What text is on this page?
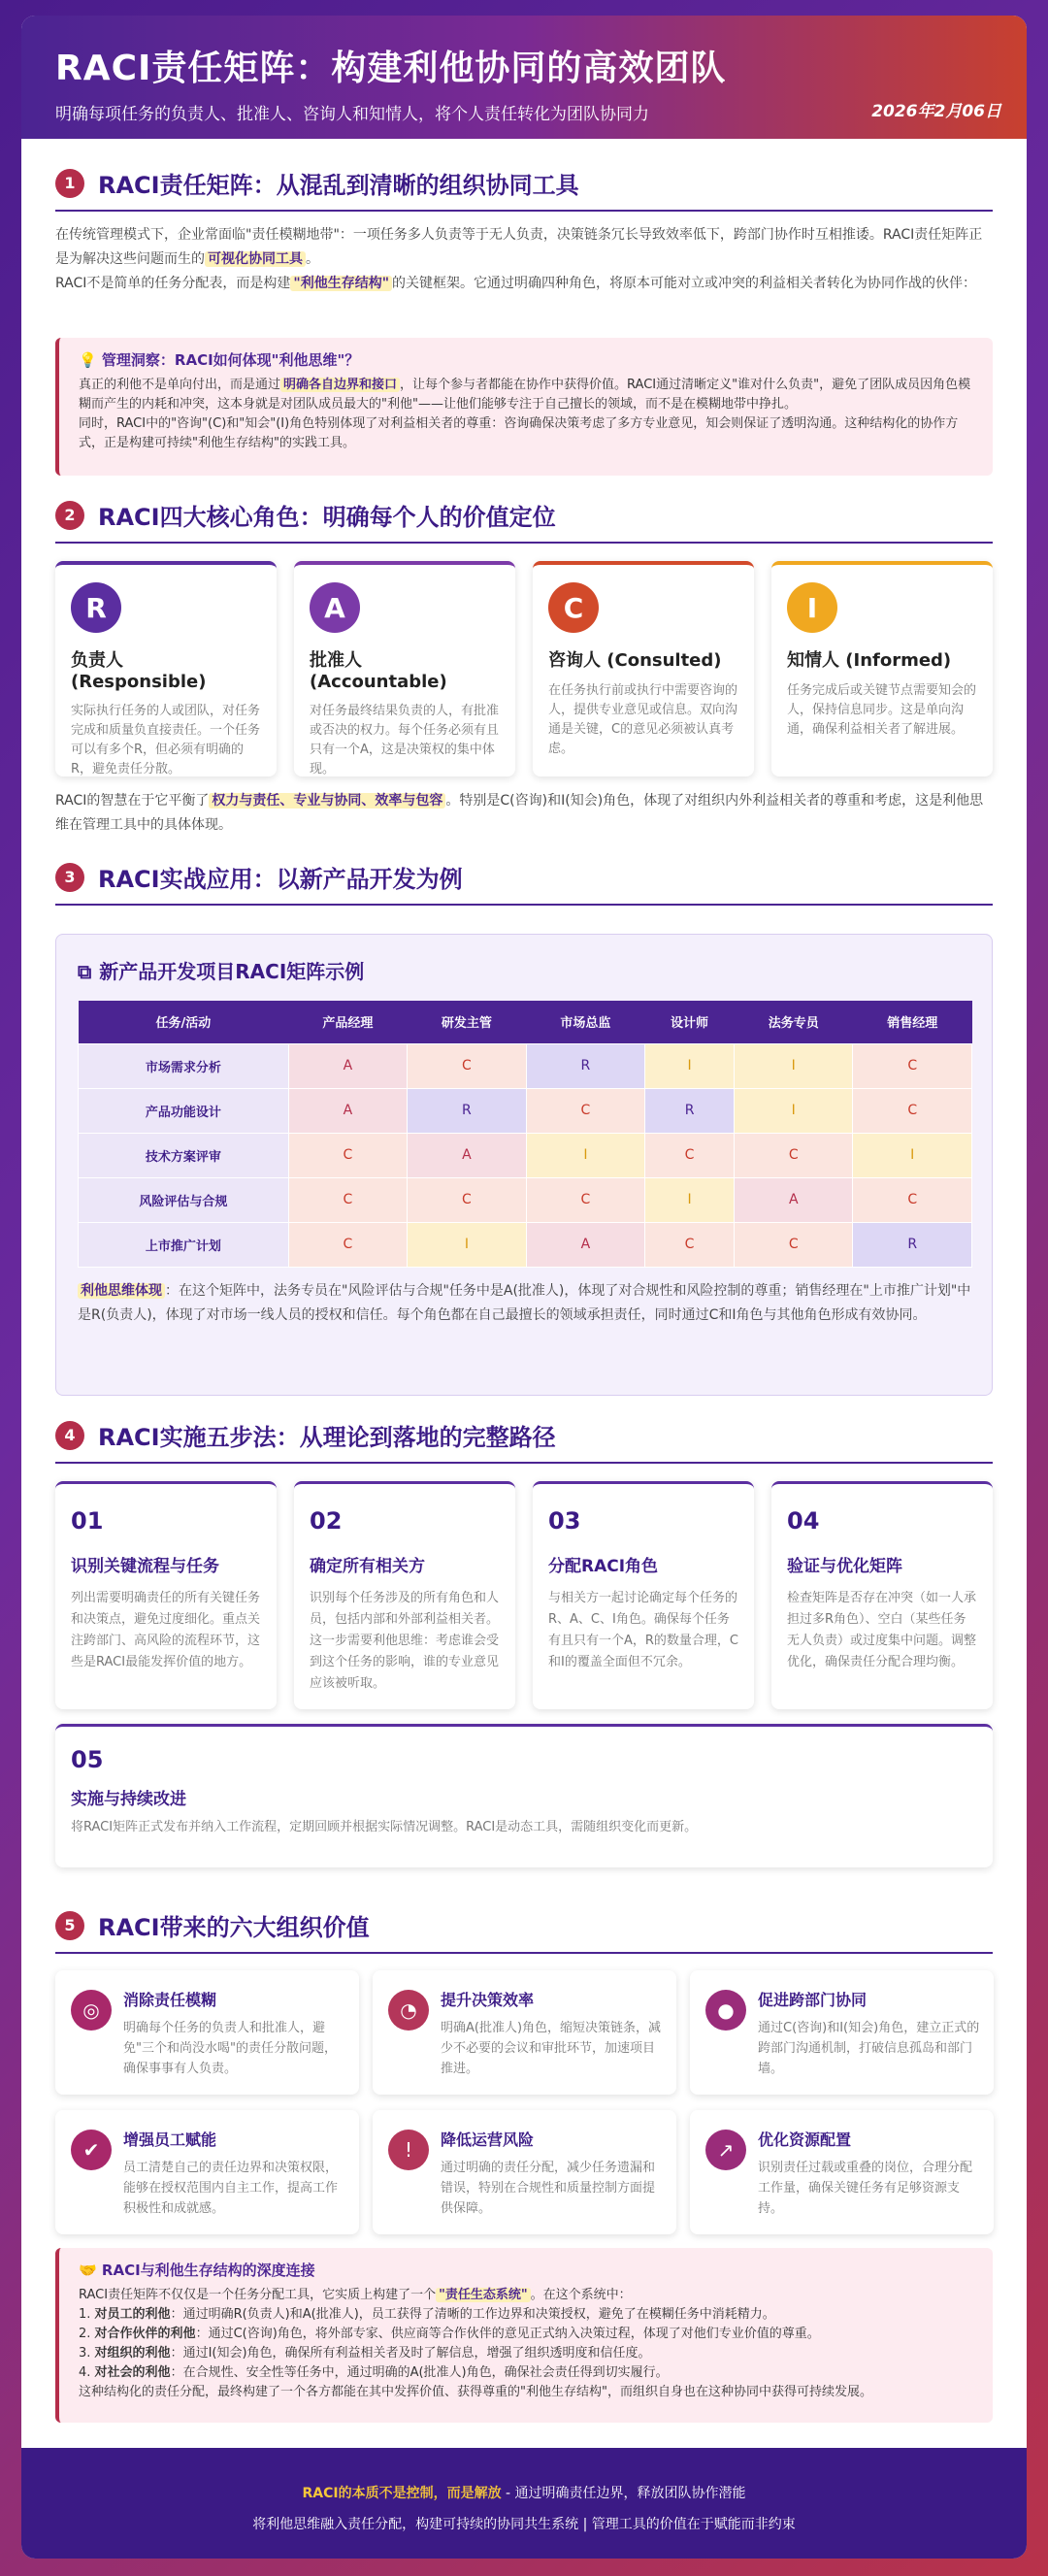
RACI责任矩阵：构建利他协同的高效团队
明确每项任务的负责人、批准人、咨询人和知情人，将个人责任转化为团队协同力	2026年2月06日
1 RACI责任矩阵：从混乱到清晰的组织协同工具
在传统管理模式下，企业常面临"责任模糊地带"：一项任务多人负责等于无人负责，决策链条冗长导致效率低下，跨部门协作时互相推诿。RACI责任矩阵正是为解决这些问题而生的 可视化协同工具 。
RACI不是简单的任务分配表，而是构建 "利他生存结构" 的关键框架。它通过明确四种角色，将原本可能对立或冲突的利益相关者转化为协同作战的伙伴：
💡 管理洞察：RACI如何体现"利他思维"？

真正的利他不是单向付出，而是通过 明确各自边界和接口 ，让每个参与者都能在协作中获得价值。RACI通过清晰定义"谁对什么负责"，避免了团队成员因角色模糊而产生的内耗和冲突，这本身就是对团队成员最大的"利他"——让他们能够专注于自己擅长的领域，而不是在模糊地带中挣扎。
同时，RACI中的"咨询"(C)和"知会"(I)角色特别体现了对利益相关者的尊重：咨询确保决策考虑了多方专业意见，知会则保证了透明沟通。这种结构化的协作方式，正是构建可持续"利他生存结构"的实践工具。

2 RACI四大核心角色：明确每个人的价值定位
R
负责人 (Responsible)

实际执行任务的人或团队，对任务完成和质量负直接责任。一个任务可以有多个R，但必须有明确的R，避免责任分散。

A
批准人 (Accountable)

对任务最终结果负责的人，有批准或否决的权力。每个任务必须有且只有一个A，这是决策权的集中体现。

C
咨询人 (Consulted)

在任务执行前或执行中需要咨询的人，提供专业意见或信息。双向沟通是关键，C的意见必须被认真考虑。

I
知情人 (Informed)

任务完成后或关键节点需要知会的人，保持信息同步。这是单向沟通，确保利益相关者了解进展。

RACI的智慧在于它平衡了 权力与责任、专业与协同、效率与包容 。特别是C(咨询)和I(知会)角色，体现了对组织内外利益相关者的尊重和考虑，这是利他思维在管理工具中的具体体现。
3 RACI实战应用：以新产品开发为例
⧉ 新产品开发项目RACI矩阵示例
任务/活动	产品经理	研发主管	市场总监	设计师	法务专员	销售经理
市场需求分析	A	C	R	I	I	C
产品功能设计	A	R	C	R	I	C
技术方案评审	C	A	I	C	C	I
风险评估与合规	C	C	C	I	A	C
上市推广计划	C	I	A	C	C	R
利他思维体现 ：在这个矩阵中，法务专员在"风险评估与合规"任务中是A(批准人)，体现了对合规性和风险控制的尊重；销售经理在"上市推广计划"中是R(负责人)，体现了对市场一线人员的授权和信任。每个角色都在自己最擅长的领域承担责任，同时通过C和I角色与其他角色形成有效协同。
4 RACI实施五步法：从理论到落地的完整路径
01
识别关键流程与任务

列出需要明确责任的所有关键任务和决策点，避免过度细化。重点关注跨部门、高风险的流程环节，这些是RACI最能发挥价值的地方。

02
确定所有相关方

识别每个任务涉及的所有角色和人员，包括内部和外部利益相关者。这一步需要利他思维：考虑谁会受到这个任务的影响，谁的专业意见应该被听取。

03
分配RACI角色

与相关方一起讨论确定每个任务的R、A、C、I角色。确保每个任务有且只有一个A，R的数量合理，C和I的覆盖全面但不冗余。

04
验证与优化矩阵

检查矩阵是否存在冲突（如一人承担过多R角色）、空白（某些任务无人负责）或过度集中问题。调整优化，确保责任分配合理均衡。

05
实施与持续改进

将RACI矩阵正式发布并纳入工作流程，定期回顾并根据实际情况调整。RACI是动态工具，需随组织变化而更新。

5 RACI带来的六大组织价值
◎	消除责任模糊

明确每个任务的负责人和批准人，避免"三个和尚没水喝"的责任分散问题，确保事事有人负责。

◔	提升决策效率

明确A(批准人)角色，缩短决策链条，减少不必要的会议和审批环节，加速项目推进。

●	促进跨部门协同

通过C(咨询)和I(知会)角色，建立正式的跨部门沟通机制，打破信息孤岛和部门墙。

✔	增强员工赋能

员工清楚自己的责任边界和决策权限，能够在授权范围内自主工作，提高工作积极性和成就感。

!	降低运营风险

通过明确的责任分配，减少任务遗漏和错误，特别在合规性和质量控制方面提供保障。

↗	优化资源配置

识别责任过载或重叠的岗位，合理分配工作量，确保关键任务有足够资源支持。

🤝 RACI与利他生存结构的深度连接

RACI责任矩阵不仅仅是一个任务分配工具，它实质上构建了一个 "责任生态系统" 。在这个系统中：

1. 对员工的利他：通过明确R(负责人)和A(批准人)，员工获得了清晰的工作边界和决策授权，避免了在模糊任务中消耗精力。
2. 对合作伙伴的利他：通过C(咨询)角色，将外部专家、供应商等合作伙伴的意见正式纳入决策过程，体现了对他们专业价值的尊重。
3. 对组织的利他：通过I(知会)角色，确保所有利益相关者及时了解信息，增强了组织透明度和信任度。
4. 对社会的利他：在合规性、安全性等任务中，通过明确的A(批准人)角色，确保社会责任得到切实履行。

这种结构化的责任分配，最终构建了一个各方都能在其中发挥价值、获得尊重的"利他生存结构"，而组织自身也在这种协同中获得可持续发展。

RACI的本质不是控制，而是解放 - 通过明确责任边界，释放团队协作潜能
将利他思维融入责任分配，构建可持续的协同共生系统 | 管理工具的价值在于赋能而非约束
